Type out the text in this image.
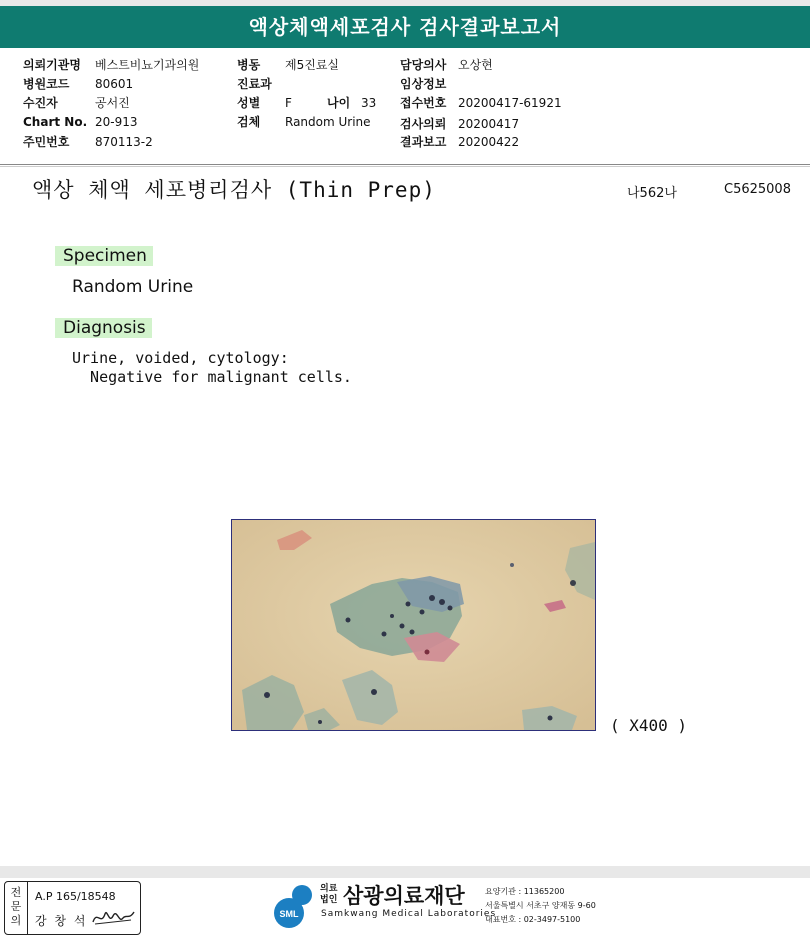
액상체액세포검사 검사결과보고서
의뢰기관명 베스트비뇨기과의원
병원코드 80601
수진자	공서진
Chart No. 20-913
주민번호 870113-2
병동 제5진료실
진료과
성별 F	나이 33
검체 Random Urine
담당의사 오상현
임상정보
접수번호 20200417-61921
검사의뢰 20200417
결과보고 20200422
액상 체액 세포병리검사 (Thin Prep)	나562나	C5625008
Specimen
Random Urine
Diagnosis
Urine, voided, cytology:
Negative for malignant cells.
( X400 )
전문의
A.P 165/18548
강 창 석	SML
의료
법인 삼광의료재단
Samkwang Medical Laboratories
요양기관 : 11365200
서울특별시 서초구 양재동 9-60
대표번호 : 02-3497-5100
